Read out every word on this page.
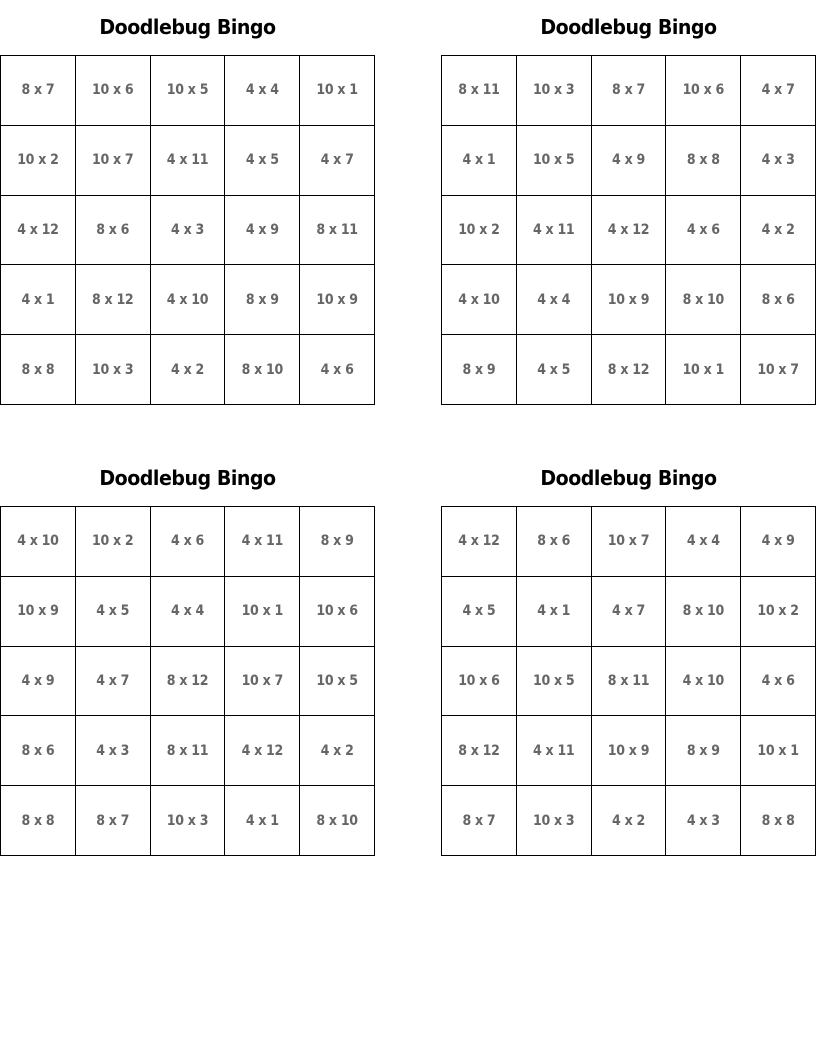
Doodlebug Bingo
8 x 7	10 x 6	10 x 5	4 x 4	10 x 1
10 x 2	10 x 7	4 x 11	4 x 5	4 x 7
4 x 12	8 x 6	4 x 3	4 x 9	8 x 11
4 x 1	8 x 12	4 x 10	8 x 9	10 x 9
8 x 8	10 x 3	4 x 2	8 x 10	4 x 6
Doodlebug Bingo
8 x 11	10 x 3	8 x 7	10 x 6	4 x 7
4 x 1	10 x 5	4 x 9	8 x 8	4 x 3
10 x 2	4 x 11	4 x 12	4 x 6	4 x 2
4 x 10	4 x 4	10 x 9	8 x 10	8 x 6
8 x 9	4 x 5	8 x 12	10 x 1	10 x 7
Doodlebug Bingo
4 x 10	10 x 2	4 x 6	4 x 11	8 x 9
10 x 9	4 x 5	4 x 4	10 x 1	10 x 6
4 x 9	4 x 7	8 x 12	10 x 7	10 x 5
8 x 6	4 x 3	8 x 11	4 x 12	4 x 2
8 x 8	8 x 7	10 x 3	4 x 1	8 x 10
Doodlebug Bingo
4 x 12	8 x 6	10 x 7	4 x 4	4 x 9
4 x 5	4 x 1	4 x 7	8 x 10	10 x 2
10 x 6	10 x 5	8 x 11	4 x 10	4 x 6
8 x 12	4 x 11	10 x 9	8 x 9	10 x 1
8 x 7	10 x 3	4 x 2	4 x 3	8 x 8
